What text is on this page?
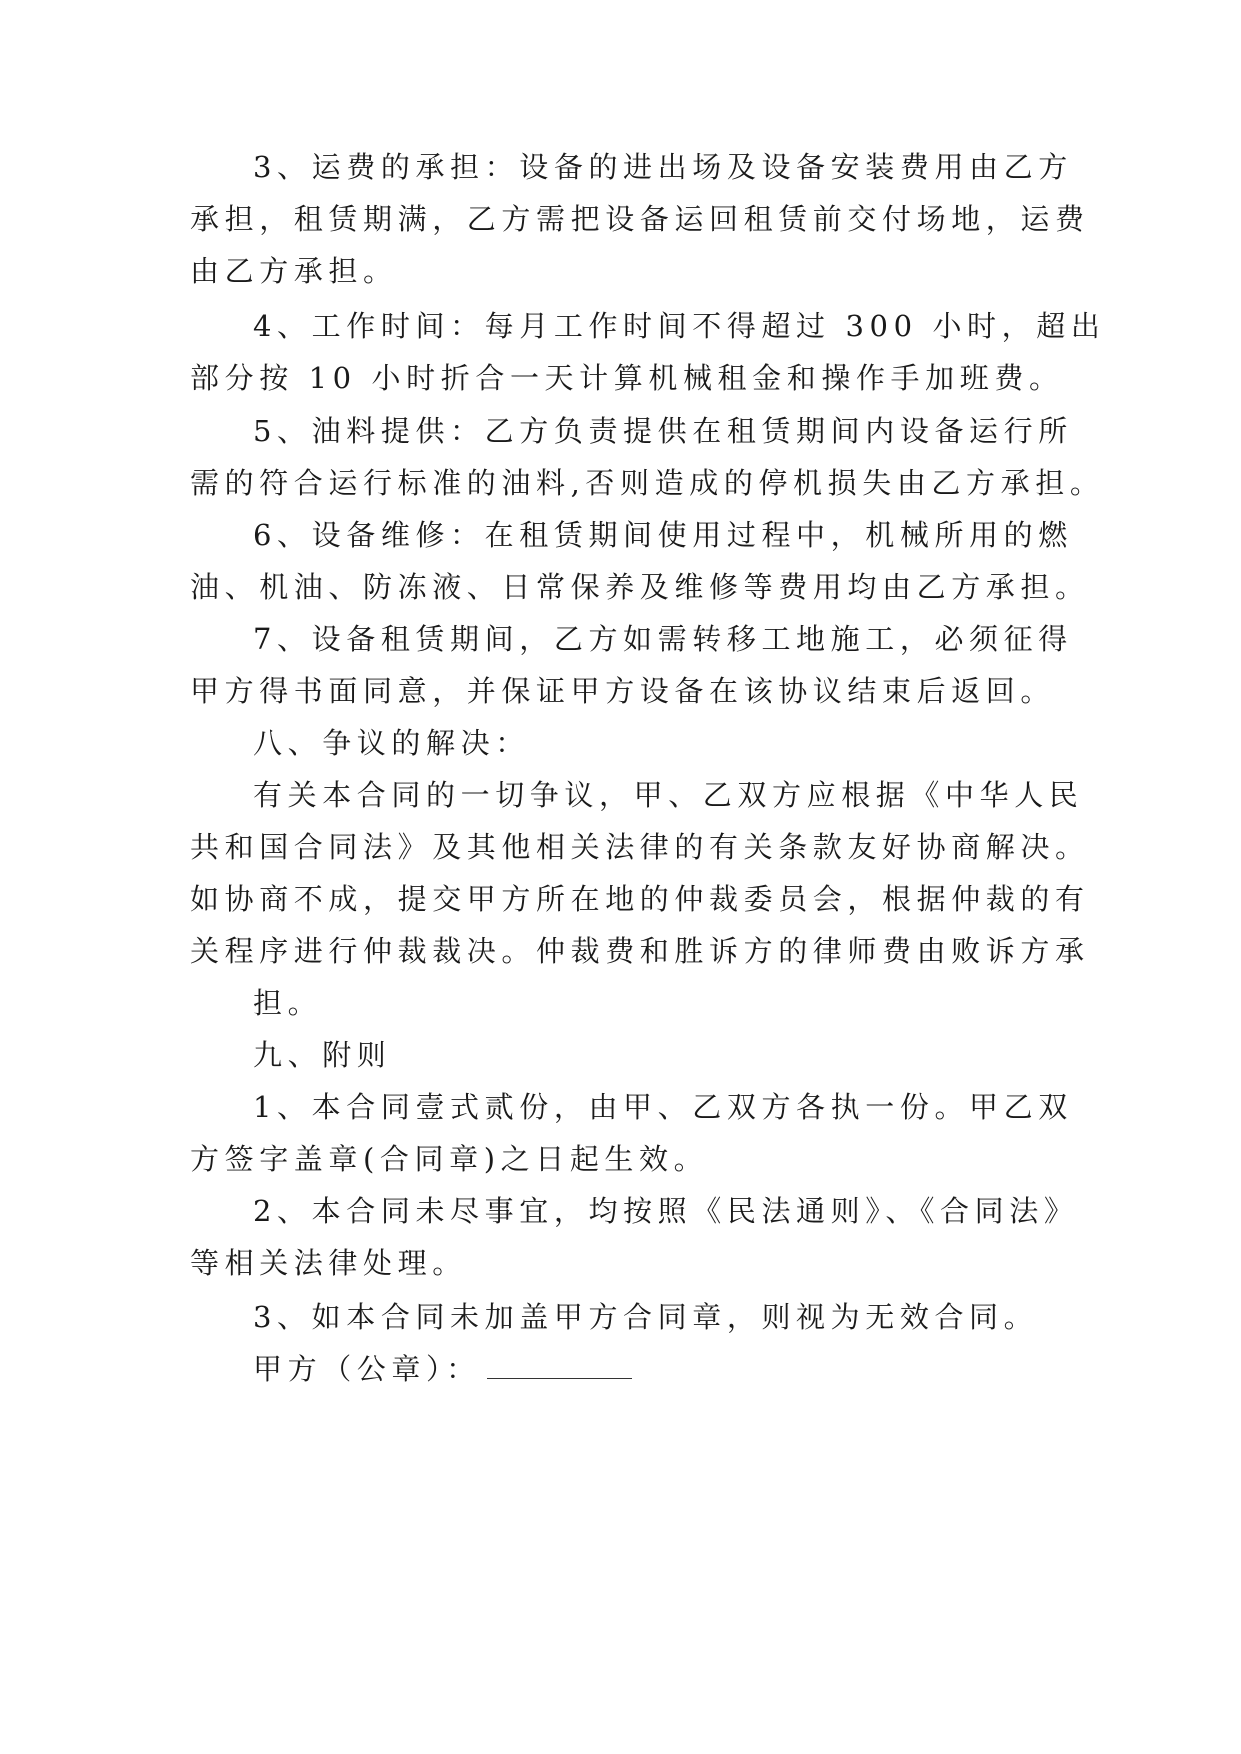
3、运费的承担：设备的进出场及设备安装费用由乙方
承担，租赁期满，乙方需把设备运回租赁前交付场地，运费
由乙方承担。
4、工作时间：每月工作时间不得超过 300 小时，超出
部分按 10 小时折合一天计算机械租金和操作手加班费。
5、油料提供：乙方负责提供在租赁期间内设备运行所
需的符合运行标准的油料,否则造成的停机损失由乙方承担。
6、设备维修：在租赁期间使用过程中，机械所用的燃
油、机油、防冻液、日常保养及维修等费用均由乙方承担。
7、设备租赁期间，乙方如需转移工地施工，必须征得
甲方得书面同意，并保证甲方设备在该协议结束后返回。
八、争议的解决：
有关本合同的一切争议，甲、乙双方应根据《中华人民
共和国合同法》及其他相关法律的有关条款友好协商解决。
如协商不成，提交甲方所在地的仲裁委员会，根据仲裁的有
关程序进行仲裁裁决。仲裁费和胜诉方的律师费由败诉方承
担。
九、附则
1、本合同壹式贰份，由甲、乙双方各执一份。甲乙双
方签字盖章(合同章)之日起生效。
2、本合同未尽事宜，均按照《民法通则》、《合同法》
等相关法律处理。
3、如本合同未加盖甲方合同章，则视为无效合同。
甲方（公章）：
